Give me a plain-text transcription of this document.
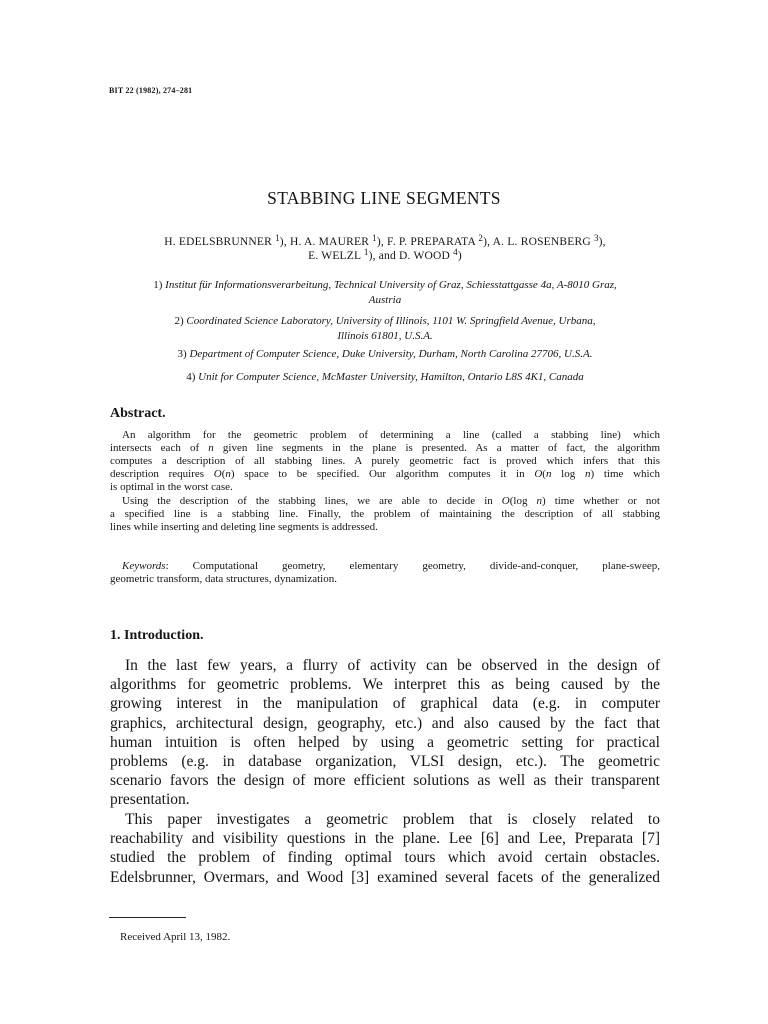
BIT 22 (1982), 274–281
STABBING LINE SEGMENTS
H. EDELSBRUNNER $^1$), H. A. MAURER $^1$), F. P. PREPARATA $^2$), A. L. ROSENBERG $^3$),
E. WELZL $^1$), and D. WOOD $^4$)
1) Institut für Informationsverarbeitung, Technical University of Graz, Schiesstattgasse 4a, A-8010 Graz,
Austria
2) Coordinated Science Laboratory, University of Illinois, 1101 W. Springfield Avenue, Urbana,
Illinois 61801, U.S.A.
3) Department of Computer Science, Duke University, Durham, North Carolina 27706, U.S.A.
4) Unit for Computer Science, McMaster University, Hamilton, Ontario L8S 4K1, Canada
Abstract.
An algorithm for the geometric problem of determining a line (called a stabbing line) which
intersects each of n given line segments in the plane is presented. As a matter of fact, the algorithm
computes a description of all stabbing lines. A purely geometric fact is proved which infers that this
description requires O(n) space to be specified. Our algorithm computes it in O(n log n) time which
is optimal in the worst case.
Using the description of the stabbing lines, we are able to decide in O(log n) time whether or not
a specified line is a stabbing line. Finally, the problem of maintaining the description of all stabbing
lines while inserting and deleting line segments is addressed.
Keywords: Computational geometry, elementary geometry, divide-and-conquer, plane-sweep,
geometric transform, data structures, dynamization.
1. Introduction.
In the last few years, a flurry of activity can be observed in the design of
algorithms for geometric problems. We interpret this as being caused by the
growing interest in the manipulation of graphical data (e.g. in computer
graphics, architectural design, geography, etc.) and also caused by the fact that
human intuition is often helped by using a geometric setting for practical
problems (e.g. in database organization, VLSI design, etc.). The geometric
scenario favors the design of more efficient solutions as well as their transparent
presentation.
This paper investigates a geometric problem that is closely related to
reachability and visibility questions in the plane. Lee [6] and Lee, Preparata [7]
studied the problem of finding optimal tours which avoid certain obstacles.
Edelsbrunner, Overmars, and Wood [3] examined several facets of the generalized
Received April 13, 1982.
